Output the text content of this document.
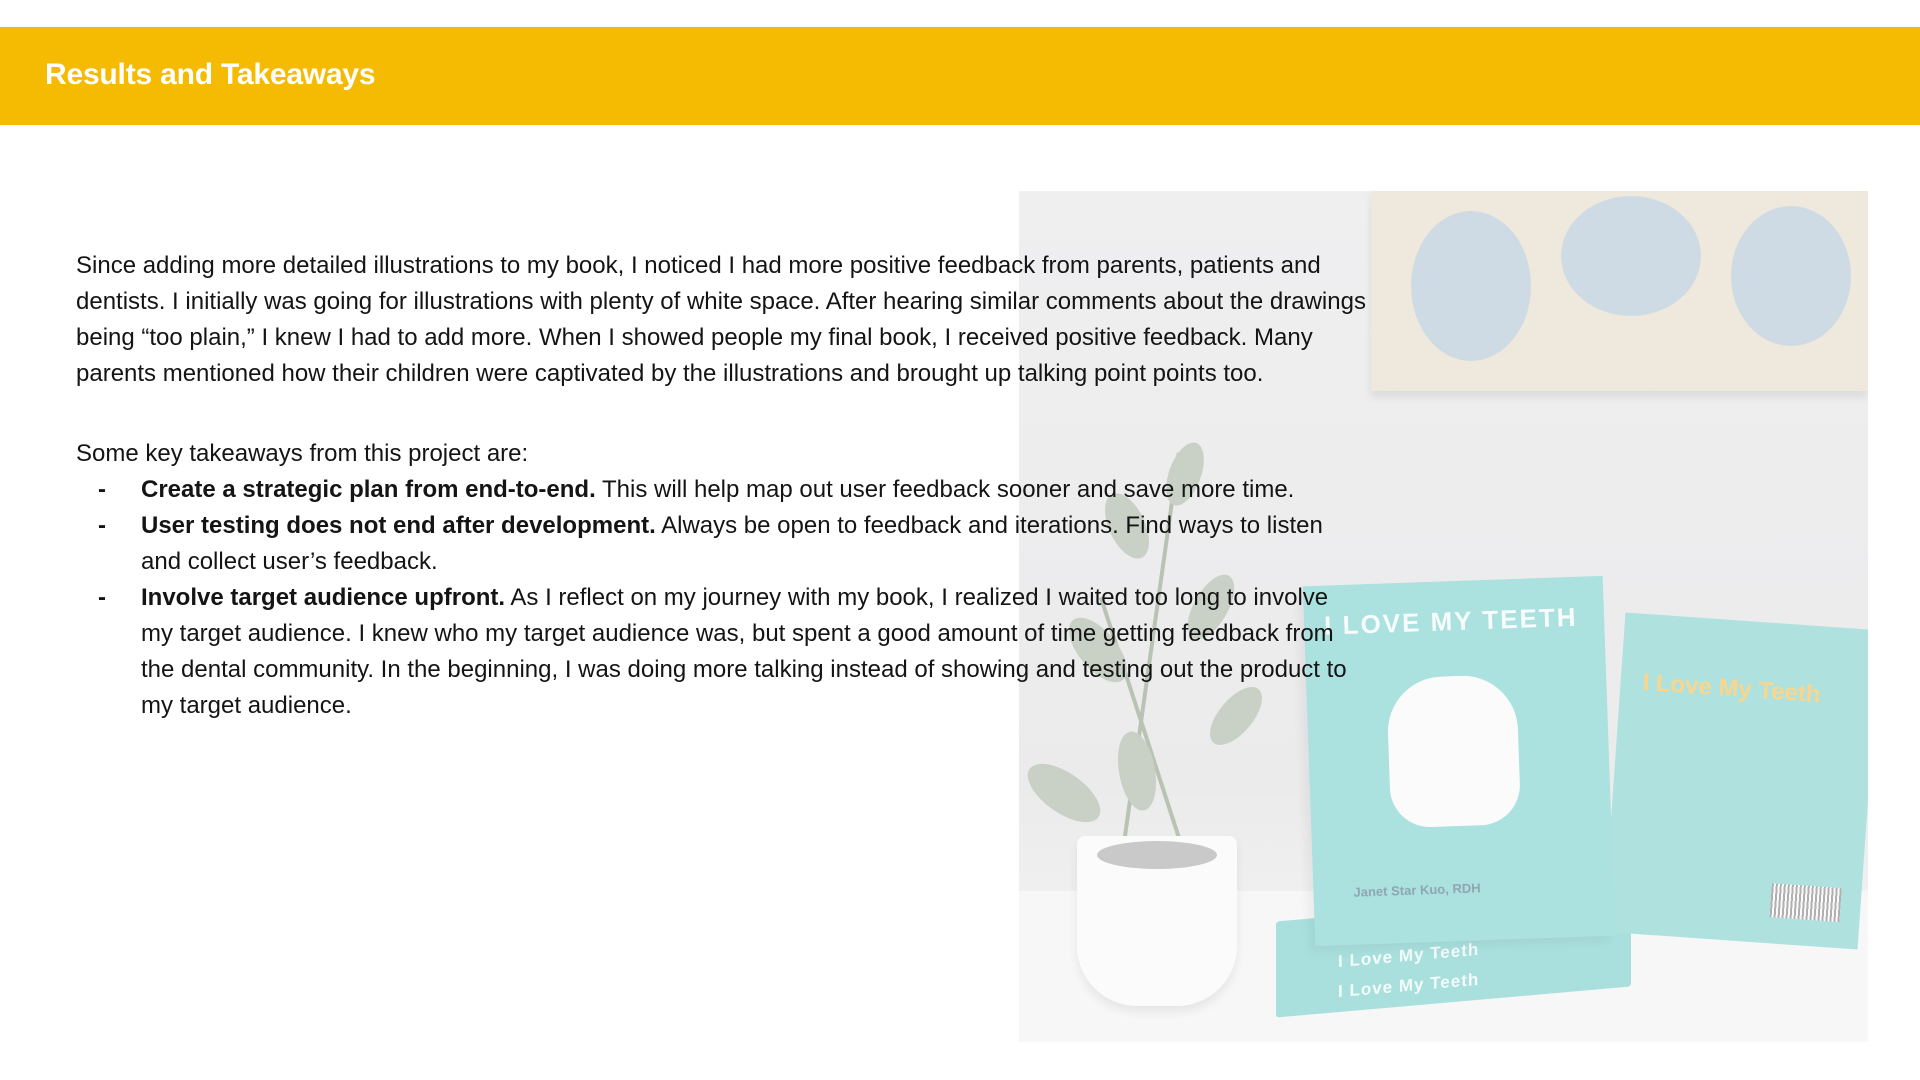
Results and Takeaways
I Love My Teeth
I Love My Teeth
I Love My Teeth
I LOVE MY TEETH
Janet Star Kuo, RDH

Since adding more detailed illustrations to my book, I noticed I had more positive feedback from parents, patients and dentists. I initially was going for illustrations with plenty of white space. After hearing similar comments about the drawings being “too plain,” I knew I had to add more. When I showed people my final book, I received positive feedback. Many parents mentioned how their children were captivated by the illustrations and brought up talking point points too.

Some key takeaways from this project are:

- Create a strategic plan from end-to-end. This will help map out user feedback sooner and save more time.
- User testing does not end after development. Always be open to feedback and iterations. Find ways to listen and collect user’s feedback.
- Involve target audience upfront. As I reflect on my journey with my book, I realized I waited too long to involve my target audience. I knew who my target audience was, but spent a good amount of time getting feedback from the dental community. In the beginning, I was doing more talking instead of showing and testing out the product to my target audience.
